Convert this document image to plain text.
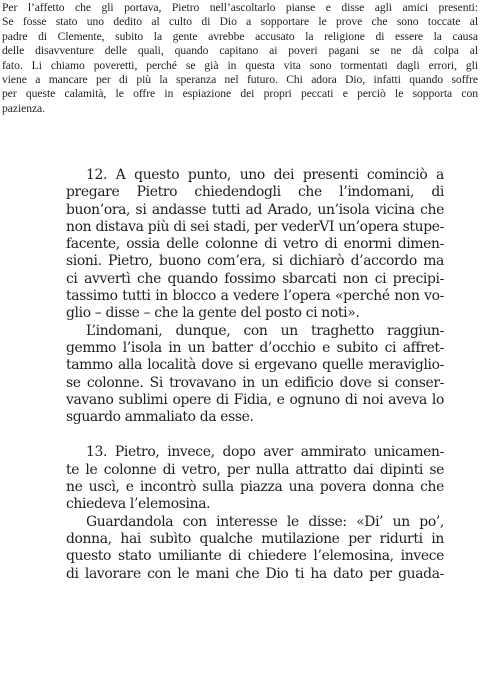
Per l’affetto che gli portava, Pietro nell’ascoltarlo pianse e disse agli amici presenti:
Se fosse stato uno dedito al culto di Dio a sopportare le prove che sono toccate al
padre di Clemente, subito la gente avrebbe accusato la religione di essere la causa
delle disavventure delle quali, quando capitano ai poveri pagani se ne dà colpa al
fato. Li chiamo poveretti, perché se già in questa vita sono tormentati dagli errori, gli
viene a mancare per di più la speranza nel futuro. Chi adora Dio, infatti quando soffre
per queste calamità, le offre in espiazione dei propri peccati e perciò le sopporta con
pazienza.

12. A questo punto, uno dei presenti cominciò a
pregare Pietro chiedendogli che l’indomani, di
buon’ora, si andasse tutti ad Arado, un’isola vicina che
non distava più di sei stadi, per vederVI un’opera stupe-
facente, ossia delle colonne di vetro di enormi dimen-
sioni. Pietro, buono com’era, si dichiarò d’accordo ma
ci avvertì che quando fossimo sbarcati non ci precipi-
tassimo tutti in blocco a vedere l’opera «perché non vo-
glio – disse – che la gente del posto ci noti».

L’indomani, dunque, con un traghetto raggiun-
gemmo l’isola in un batter d’occhio e subito ci affret-
tammo alla località dove si ergevano quelle meraviglio-
se colonne. Si trovavano in un edificio dove si conser-
vavano sublimi opere di Fidia, e ognuno di noi aveva lo
sguardo ammaliato da esse.

13. Pietro, invece, dopo aver ammirato unicamen-
te le colonne di vetro, per nulla attratto dai dipinti se
ne uscì, e incontrò sulla piazza una povera donna che
chiedeva l’elemosina.

Guardandola con interesse le disse: «Di’ un po’,
donna, hai subìto qualche mutilazione per ridurti in
questo stato umiliante di chiedere l’elemosina, invece
di lavorare con le mani che Dio ti ha dato per guada-
